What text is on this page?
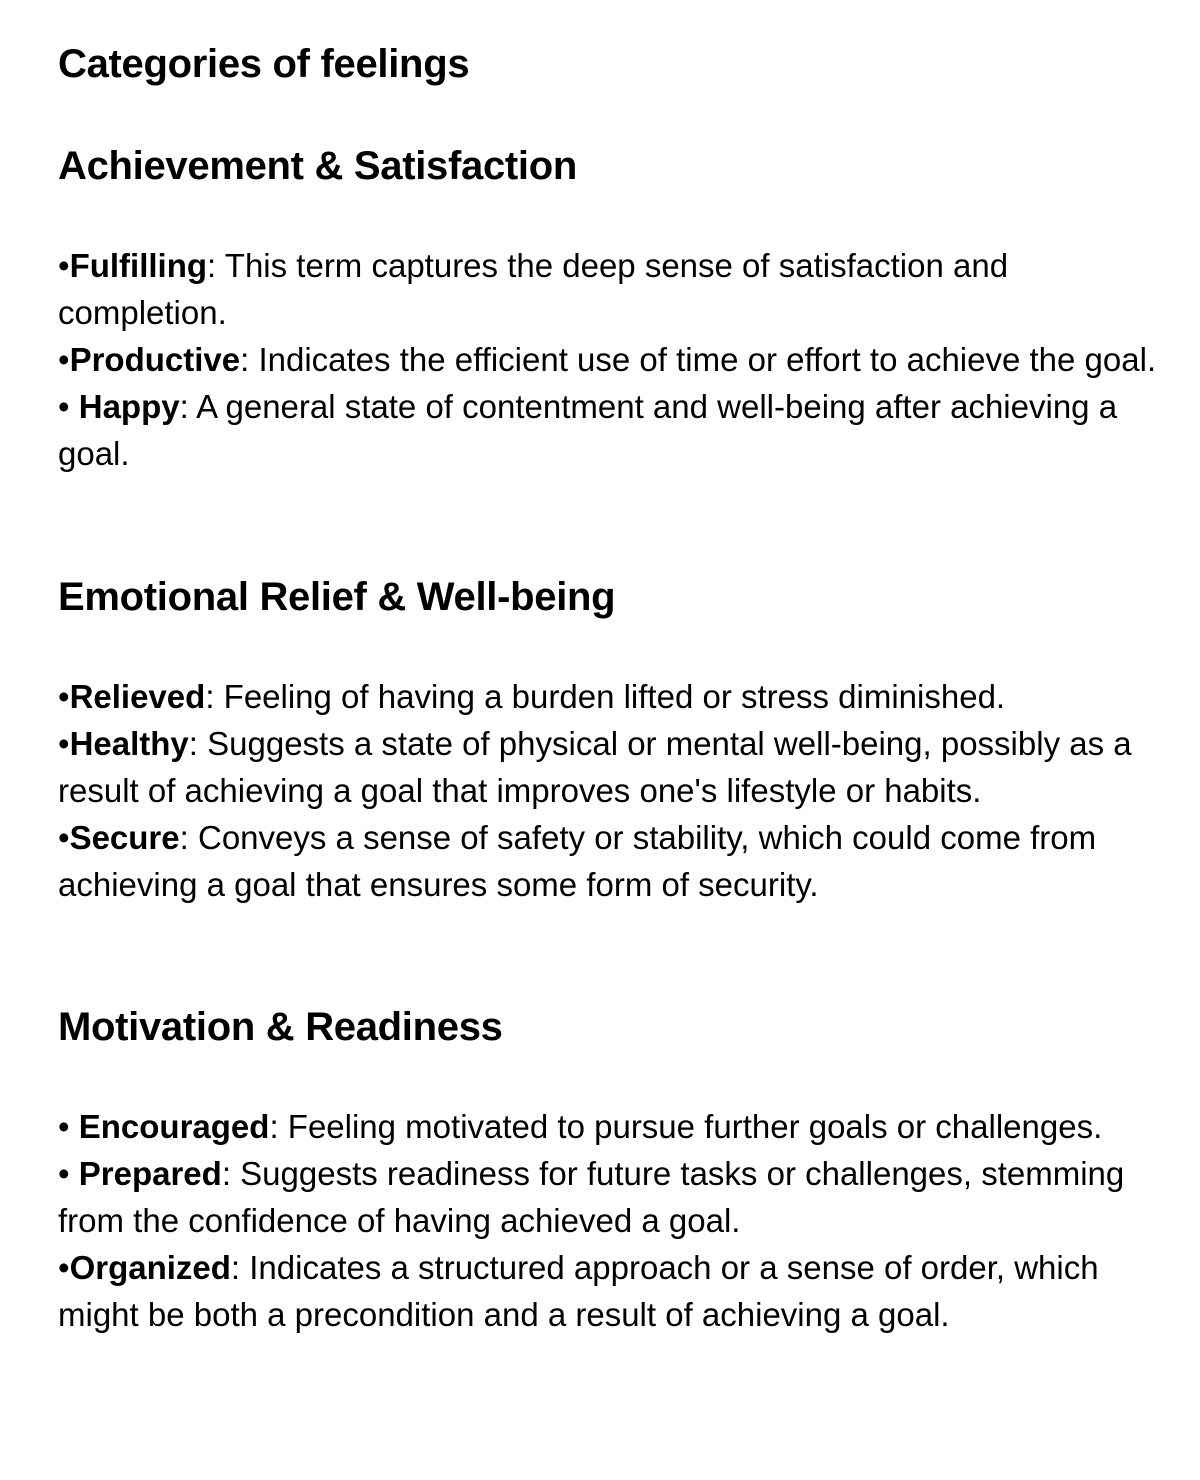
Categories of feelings
Achievement & Satisfaction
•Fulfilling: This term captures the deep sense of satisfaction and completion.
•Productive: Indicates the efficient use of time or effort to achieve the goal.
• Happy: A general state of contentment and well-being after achieving a goal.
Emotional Relief & Well-being
•Relieved: Feeling of having a burden lifted or stress diminished.
•Healthy: Suggests a state of physical or mental well-being, possibly as a result of achieving a goal that improves one's lifestyle or habits.
•Secure: Conveys a sense of safety or stability, which could come from achieving a goal that ensures some form of security.
Motivation & Readiness
• Encouraged: Feeling motivated to pursue further goals or challenges.
• Prepared: Suggests readiness for future tasks or challenges, stemming from the confidence of having achieved a goal.
•Organized: Indicates a structured approach or a sense of order, which might be both a precondition and a result of achieving a goal.
